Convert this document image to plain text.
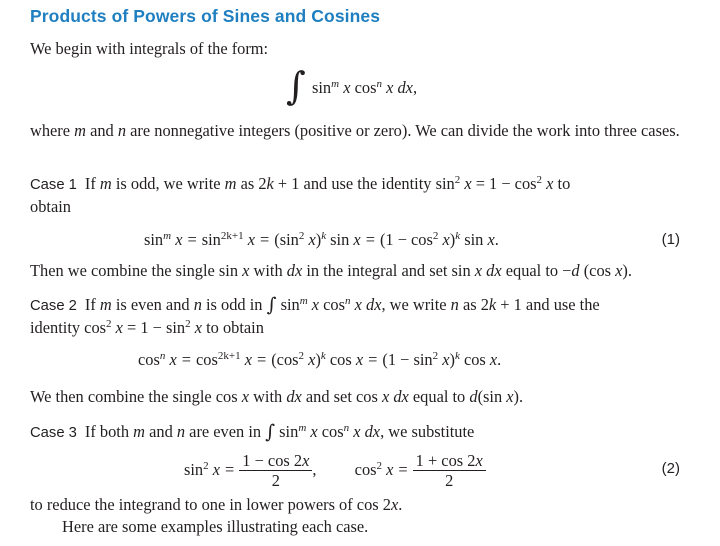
Products of Powers of Sines and Cosines
We begin with integrals of the form:
∫ $\sin^m x$ $\cos^n x$ dx,
where m and n are nonnegative integers (positive or zero). We can divide the work into three cases.
Case 1 If m is odd, we write m as 2k + 1 and use the identity $\sin^2 x = 1 - \cos^2 x$ to
obtain
$\sin^m x = \sin^{2k+1} x = (\sin^2$ x)$^k$ $\sin x = (1 - \cos^2 x)^k$ sin x.	(1)
Then we combine the single sin x with dx in the integral and set sin x dx equal to −d (cos x).
Case 2 If m is even and n is odd in ∫ $\sin^m x$ $\cos^n x$ dx, we write n as 2k + 1 and use the
identity $\cos^2 x = 1 - \sin^2 x$ to obtain
$\cos^n x = \cos^{2k+1} x = (\cos^2$ x)$^k$ $\cos x = (1 - \sin^2 x)^k$ cos x.
We then combine the single cos x with dx and set cos x dx equal to d(sin x).
Case 3 If both m and n are even in ∫ $\sin^m x$ $\cos^n x$ dx, we substitute
$\sin^2 x = \frac{1 - \cos 2x}{2}$ , $\cos^2 x = \frac{1 + \cos 2x}{2}$	(2)
to reduce the integrand to one in lower powers of cos 2x.
Here are some examples illustrating each case.
